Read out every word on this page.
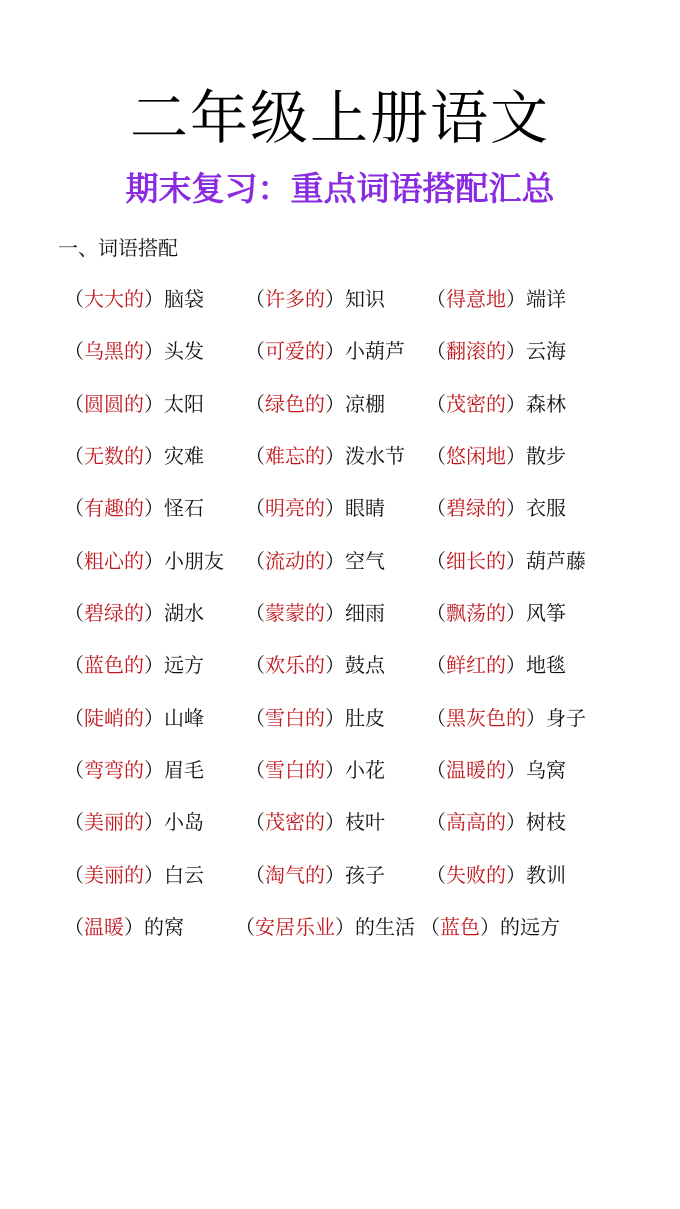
二年级上册语文
期末复习：重点词语搭配汇总
一、词语搭配
（大大的）脑袋 （许多的）知识 （得意地）端详
（乌黑的）头发 （可爱的）小葫芦 （翻滚的）云海
（圆圆的）太阳 （绿色的）凉棚 （茂密的）森林
（无数的）灾难 （难忘的）泼水节 （悠闲地）散步
（有趣的）怪石 （明亮的）眼睛 （碧绿的）衣服
（粗心的）小朋友 （流动的）空气 （细长的）葫芦藤
（碧绿的）湖水 （蒙蒙的）细雨 （飘荡的）风筝
（蓝色的）远方 （欢乐的）鼓点 （鲜红的）地毯
（陡峭的）山峰 （雪白的）肚皮 （黑灰色的）身子
（弯弯的）眉毛 （雪白的）小花 （温暖的）乌窝
（美丽的）小岛 （茂密的）枝叶 （高高的）树枝
（美丽的）白云 （淘气的）孩子 （失败的）教训
（温暖）的窝	（安居乐业）的生活 （蓝色）的远方
